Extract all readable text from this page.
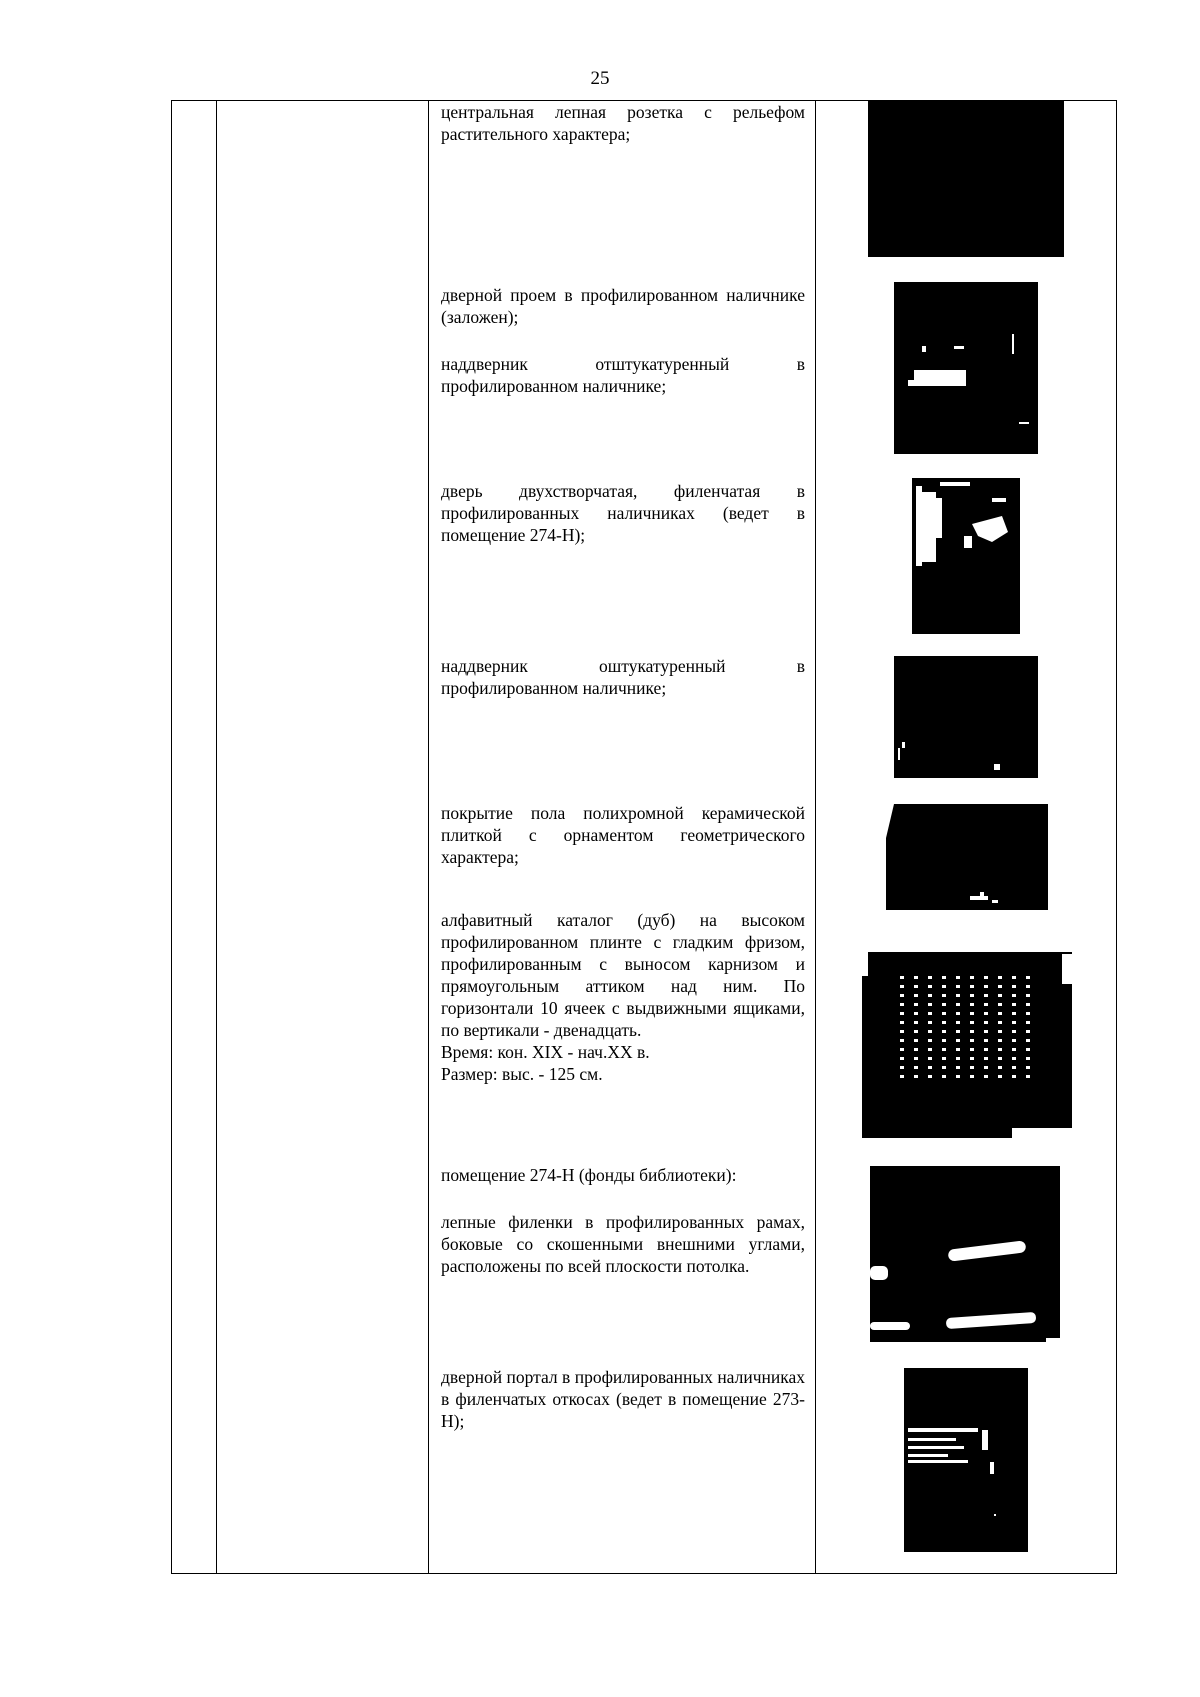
25

центральная лепная розетка с рельефом растительного характера;

дверной проем в профилированном наличнике (заложен);

наддверник отштукатуренный в профилированном наличнике;

дверь двухстворчатая, филенчатая в профилированных наличниках (ведет в помещение 274-Н);

наддверник оштукатуренный в профилированном наличнике;

покрытие пола полихромной керамической плиткой с орнаментом геометрического характера;

алфавитный каталог (дуб) на высоком профилированном плинте с гладким фризом, профилированным с выносом карнизом и прямоугольным аттиком над ним. По горизонтали 10 ячеек с выдвижными ящиками, по вертикали - двенадцать.

Время: кон. XIX - нач.XX в.

Размер: выс. - 125 см.

помещение 274-Н (фонды библиотеки):

лепные филенки в профилированных рамах, боковые со скошенными внешними углами, расположены по всей плоскости потолка.

дверной портал в профилированных наличниках в филенчатых откосах (ведет в помещение 273-Н);
